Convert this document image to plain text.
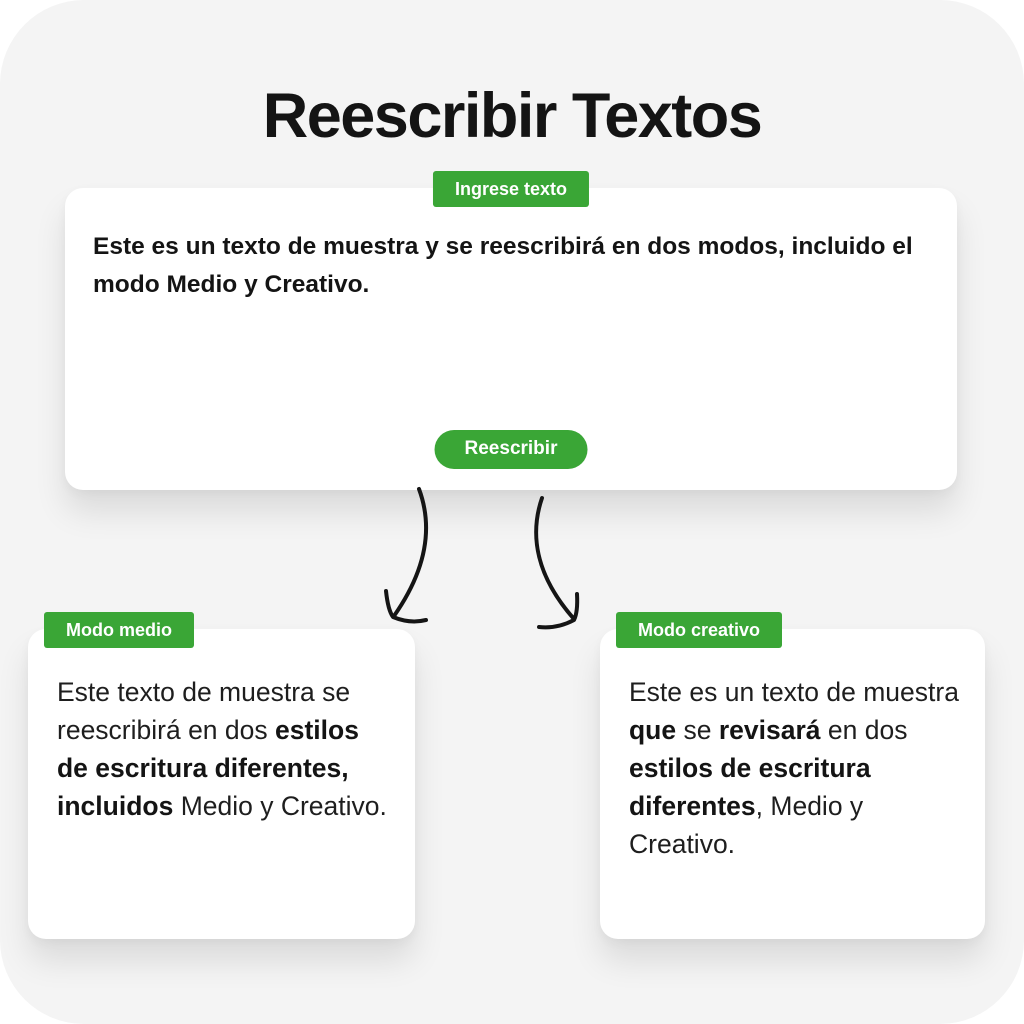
Reescribir Textos
Ingrese texto
Este es un texto de muestra y se reescribirá en dos modos, incluido el modo Medio y Creativo.
Reescribir
Modo medio
Este texto de muestra se reescribirá en dos estilos de escritura diferentes, incluidos Medio y Creativo.
Modo creativo
Este es un texto de muestra que se revisará en dos estilos de escritura diferentes, Medio y Creativo.
